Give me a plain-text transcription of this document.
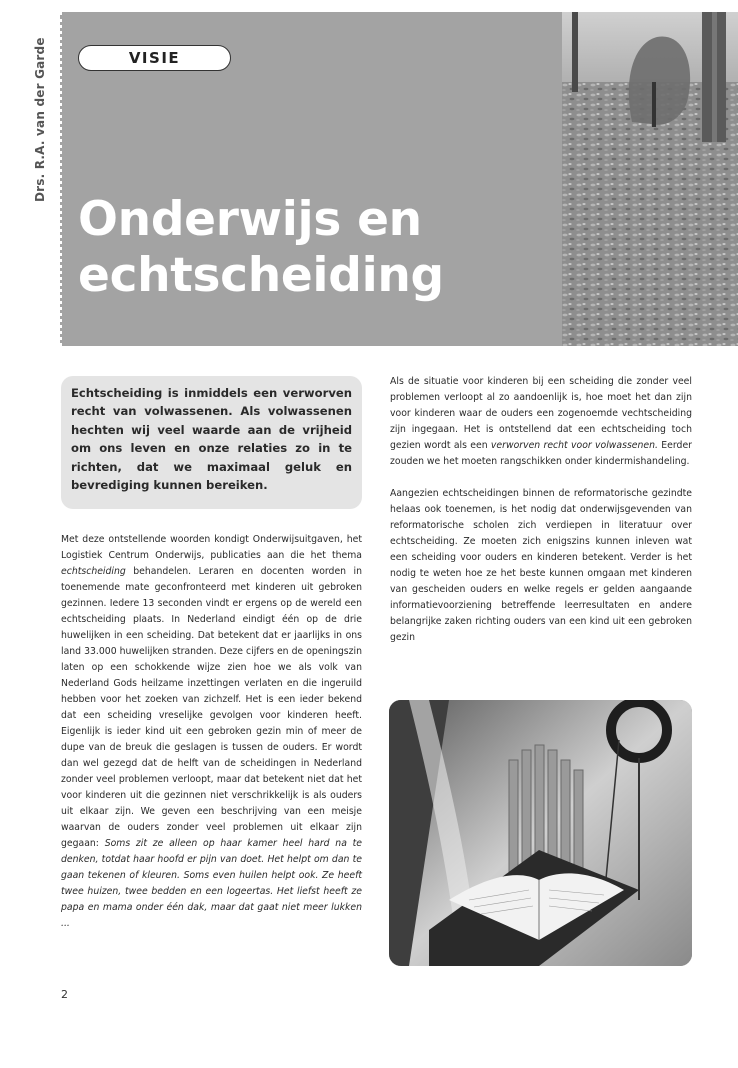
Drs. R.A. van der Garde	VISIE
Onderwijs en
echtscheiding
Echtscheiding is inmiddels een verworven recht van volwassenen. Als volwassenen hechten wij veel waarde aan de vrijheid om ons leven en onze relaties zo in te richten, dat we maximaal geluk en bevrediging kunnen bereiken.

Met deze ontstellende woorden kondigt Onderwijsuitgaven, het Logistiek Centrum Onderwijs, publicaties aan die het thema echtscheiding behandelen. Leraren en docenten worden in toenemende mate geconfronteerd met kinderen uit gebroken gezinnen. Iedere 13 seconden vindt er ergens op de wereld een echtscheiding plaats. In Nederland eindigt één op de drie huwelijken in een scheiding. Dat betekent dat er jaarlijks in ons land 33.000 huwelijken stranden. Deze cijfers en de openingszin laten op een schokkende wijze zien hoe we als volk van Nederland Gods heilzame inzettingen verlaten en die ingeruild hebben voor het zoeken van zichzelf. Het is een ieder bekend dat een scheiding vreselijke gevolgen voor kinderen heeft. Eigenlijk is ieder kind uit een gebroken gezin min of meer de dupe van de breuk die geslagen is tussen de ouders. Er wordt dan wel gezegd dat de helft van de scheidingen in Nederland zonder veel problemen verloopt, maar dat betekent niet dat het voor kinderen uit die gezinnen niet verschrikkelijk is als ouders uit elkaar zijn. We geven een beschrijving van een meisje waarvan de ouders zonder veel problemen uit elkaar zijn gegaan: Soms zit ze alleen op haar kamer heel hard na te denken, totdat haar hoofd er pijn van doet. Het helpt om dan te gaan tekenen of kleuren. Soms even huilen helpt ook. Ze heeft twee huizen, twee bedden en een logeertas. Het liefst heeft ze papa en mama onder één dak, maar dat gaat niet meer lukken ...

Als de situatie voor kinderen bij een scheiding die zonder veel problemen verloopt al zo aandoenlijk is, hoe moet het dan zijn voor kinderen waar de ouders een zogenoemde vechtscheiding zijn ingegaan. Het is ontstellend dat een echtscheiding toch gezien wordt als een verworven recht voor volwassenen. Eerder zouden we het moeten rangschikken onder kindermishandeling.

Aangezien echtscheidingen binnen de reformatorische gezindte helaas ook toenemen, is het nodig dat onderwijsgevenden van reformatorische scholen zich verdiepen in literatuur over echtscheiding. Ze moeten zich enigszins kunnen inleven wat een scheiding voor ouders en kinderen betekent. Verder is het nodig te weten hoe ze het beste kunnen omgaan met kinderen van gescheiden ouders en welke regels er gelden aangaande informatievoorziening betreffende leerresultaten en andere belangrijke zaken richting ouders van een kind uit een gebroken gezin

2
